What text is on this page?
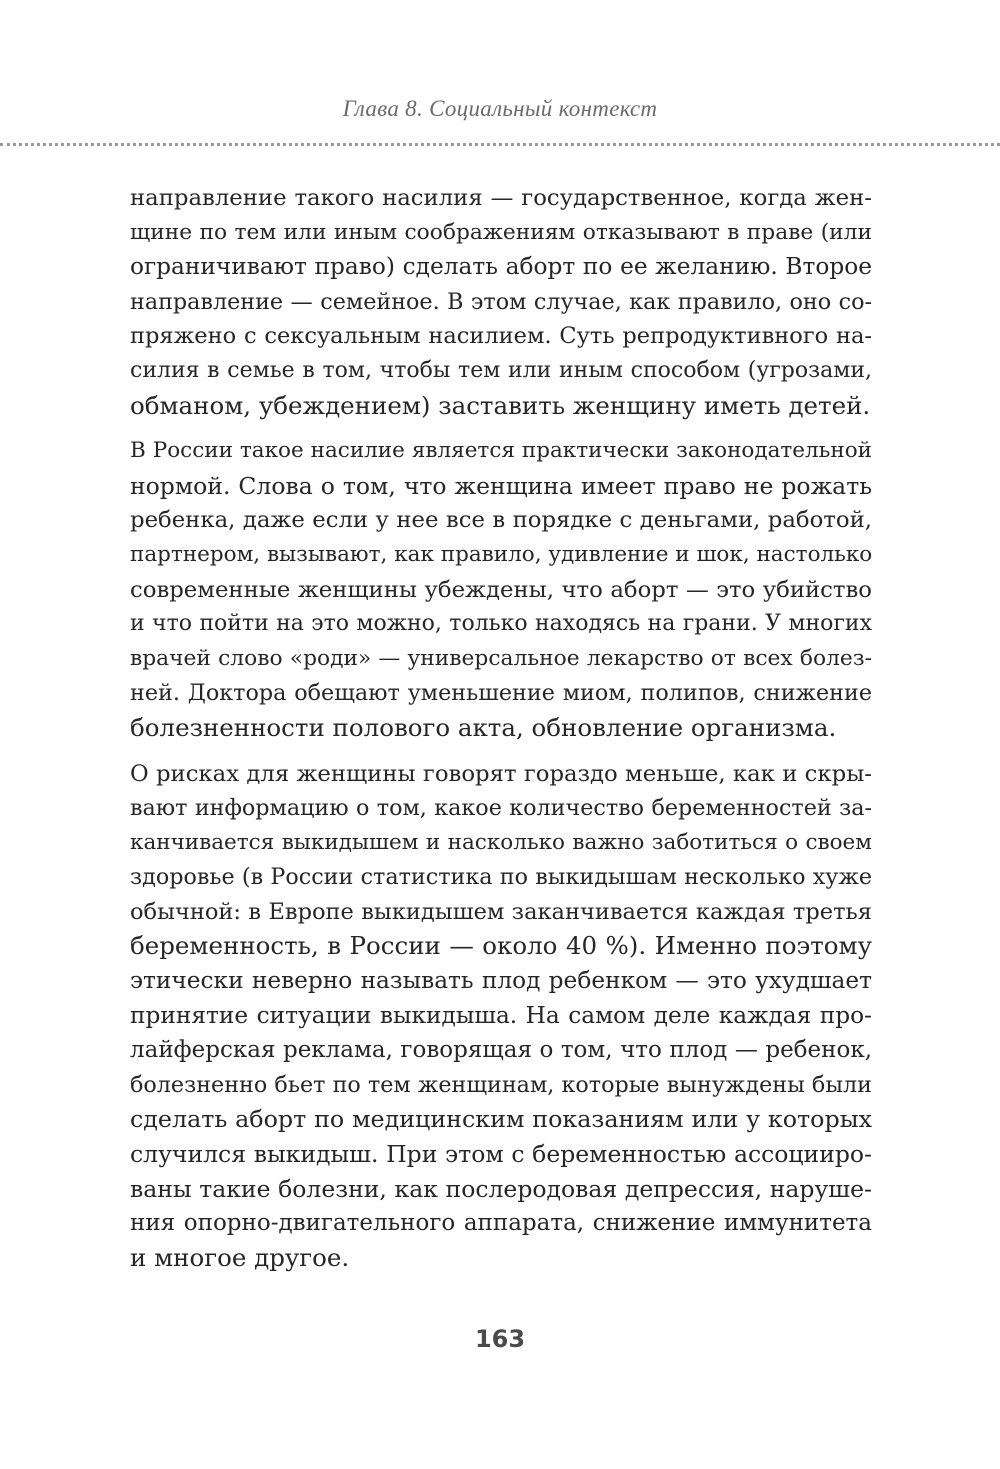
Глава 8. Социальный контекст
направление такого насилия — государственное, когда жен-
щине по тем или иным соображениям отказывают в праве (или
ограничивают право) сделать аборт по ее желанию. Второе
направление — семейное. В этом случае, как правило, оно со-
пряжено с сексуальным насилием. Суть репродуктивного на-
силия в семье в том, чтобы тем или иным способом (угрозами,
обманом, убеждением) заставить женщину иметь детей.
В России такое насилие является практически законодательной
нормой. Слова о том, что женщина имеет право не рожать
ребенка, даже если у нее все в порядке с деньгами, работой,
партнером, вызывают, как правило, удивление и шок, настолько
современные женщины убеждены, что аборт — это убийство
и что пойти на это можно, только находясь на грани. У многих
врачей слово «роди» — универсальное лекарство от всех болез-
ней. Доктора обещают уменьшение миом, полипов, снижение
болезненности полового акта, обновление организма.
О рисках для женщины говорят гораздо меньше, как и скры-
вают информацию о том, какое количество беременностей за-
канчивается выкидышем и насколько важно заботиться о своем
здоровье (в России статистика по выкидышам несколько хуже
обычной: в Европе выкидышем заканчивается каждая третья
беременность, в России — около 40 %). Именно поэтому
этически неверно называть плод ребенком — это ухудшает
принятие ситуации выкидыша. На самом деле каждая про-
лайферская реклама, говорящая о том, что плод — ребенок,
болезненно бьет по тем женщинам, которые вынуждены были
сделать аборт по медицинским показаниям или у которых
случился выкидыш. При этом с беременностью ассоцииро-
ваны такие болезни, как послеродовая депрессия, наруше-
ния опорно-двигательного аппарата, снижение иммунитета
и многое другое.
163
